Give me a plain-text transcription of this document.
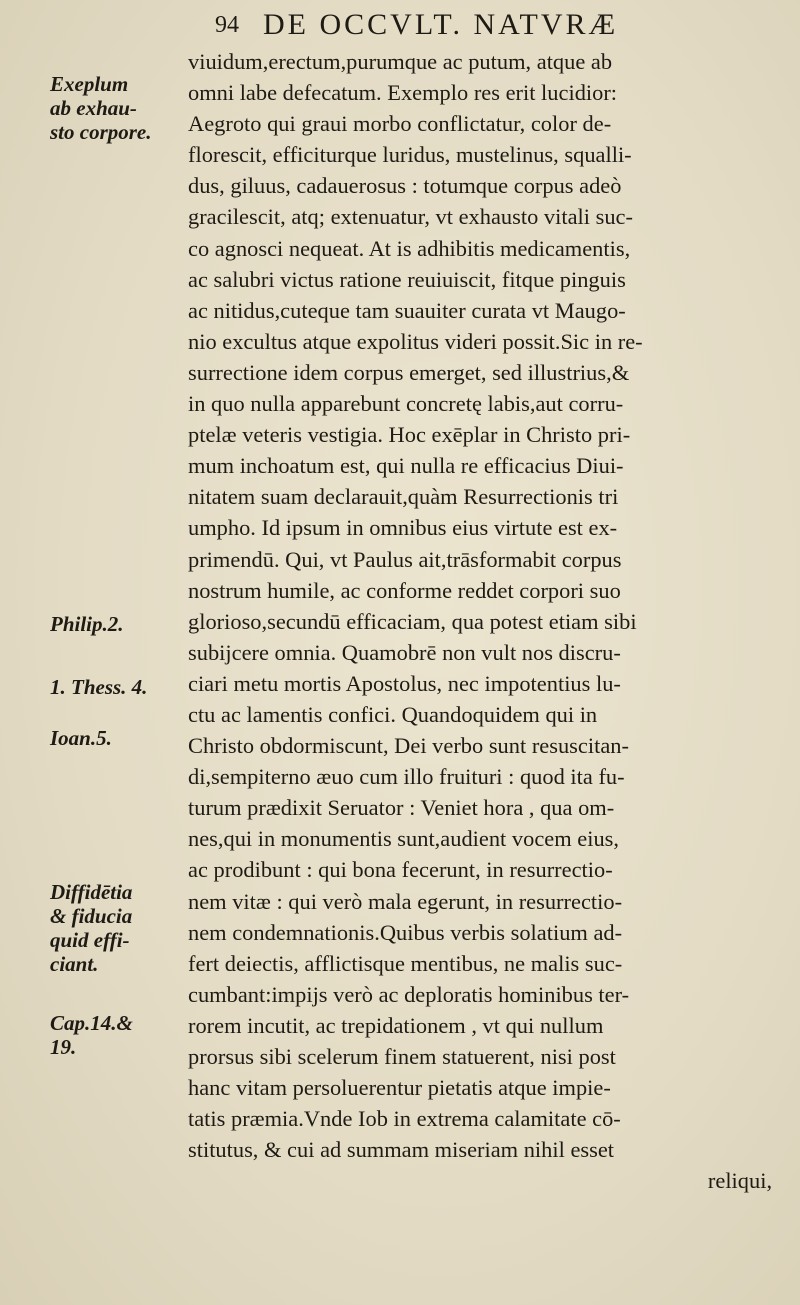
94 DE OCCVLT. NATVRÆ
Exeplum
ab exhau-
sto corpore.
Philip.2.
1. Thess. 4.
Ioan.5.
Diffidētia
& fiducia
quid effi-
ciant.
Cap.14.&
19.
viuidum,erectum,purumque ac putum, atque ab
omni labe defecatum. Exemplo res erit lucidior:
Aegroto qui graui morbo conflictatur, color de-
florescit, efficiturque luridus, mustelinus, squalli-
dus, giluus, cadauerosus : totumque corpus adeò
gracilescit, atq; extenuatur, vt exhausto vitali suc-
co agnosci nequeat. At is adhibitis medicamentis,
ac salubri victus ratione reuiuiscit, fitque pinguis
ac nitidus,cuteque tam suauiter curata vt Maugo-
nio excultus atque expolitus videri possit.Sic in re-
surrectione idem corpus emerget, sed illustrius,&
in quo nulla apparebunt concretę labis,aut corru-
ptelæ veteris vestigia. Hoc exēplar in Christo pri-
mum inchoatum est, qui nulla re efficacius Diui-
nitatem suam declarauit,quàm Resurrectionis tri
umpho. Id ipsum in omnibus eius virtute est ex-
primendū. Qui, vt Paulus ait,trāsformabit corpus
nostrum humile, ac conforme reddet corpori suo
glorioso,secundū efficaciam, qua potest etiam sibi
subijcere omnia. Quamobrē non vult nos discru-
ciari metu mortis Apostolus, nec impotentius lu-
ctu ac lamentis confici. Quandoquidem qui in
Christo obdormiscunt, Dei verbo sunt resuscitan-
di,sempiterno æuo cum illo fruituri : quod ita fu-
turum prædixit Seruator : Veniet hora , qua om-
nes,qui in monumentis sunt,audient vocem eius,
ac prodibunt : qui bona fecerunt, in resurrectio-
nem vitæ : qui verò mala egerunt, in resurrectio-
nem condemnationis.Quibus verbis solatium ad-
fert deiectis, afflictisque mentibus, ne malis suc-
cumbant:impijs verò ac deploratis hominibus ter-
rorem incutit, ac trepidationem , vt qui nullum
prorsus sibi scelerum finem statuerent, nisi post
hanc vitam persoluerentur pietatis atque impie-
tatis præmia.Vnde Iob in extrema calamitate cō-
stitutus, & cui ad summam miseriam nihil esset
reliqui,
